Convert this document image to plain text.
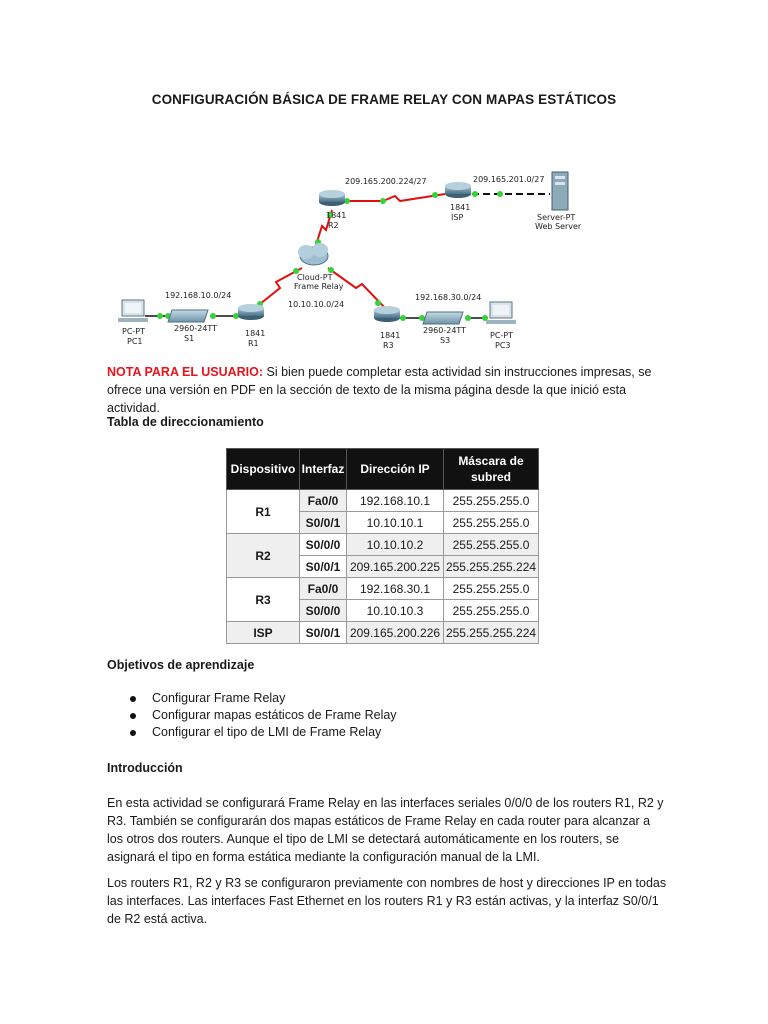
CONFIGURACIÓN BÁSICA DE FRAME RELAY CON MAPAS ESTÁTICOS
1841
R2
1841
ISP	Server-PT
Web Server
Cloud-PT
Frame Relay
1841
R1
1841
R3
2960-24TT
S1
2960-24TT
S3
PC-PT
PC1
PC-PT
PC3
209.165.200.224/27	209.165.201.0/27
192.168.10.0/24
10.10.10.0/24
192.168.30.0/24
NOTA PARA EL USUARIO: Si bien puede completar esta actividad sin instrucciones impresas, se ofrece una versión en PDF en la sección de texto de la misma página desde la que inició esta actividad.
Tabla de direccionamiento
Dispositivo	Interfaz	Dirección IP	Máscara de subred

R1	Fa0/0	192.168.10.1	255.255.255.0
	S0/0/1	10.10.10.1	255.255.255.0
R2	S0/0/0	10.10.10.2	255.255.255.0
	S0/0/1	209.165.200.225	255.255.255.224
R3	Fa0/0	192.168.30.1	255.255.255.0
	S0/0/0	10.10.10.3	255.255.255.0
ISP	S0/0/1	209.165.200.226	255.255.255.224
Objetivos de aprendizaje
Configurar Frame Relay
Configurar mapas estáticos de Frame Relay
Configurar el tipo de LMI de Frame Relay
Introducción
En esta actividad se configurará Frame Relay en las interfaces seriales 0/0/0 de los routers R1, R2 y R3. También se configurarán dos mapas estáticos de Frame Relay en cada router para alcanzar a los otros dos routers. Aunque el tipo de LMI se detectará automáticamente en los routers, se asignará el tipo en forma estática mediante la configuración manual de la LMI.
Los routers R1, R2 y R3 se configuraron previamente con nombres de host y direcciones IP en todas las interfaces. Las interfaces Fast Ethernet en los routers R1 y R3 están activas, y la interfaz S0/0/1 de R2 está activa.
